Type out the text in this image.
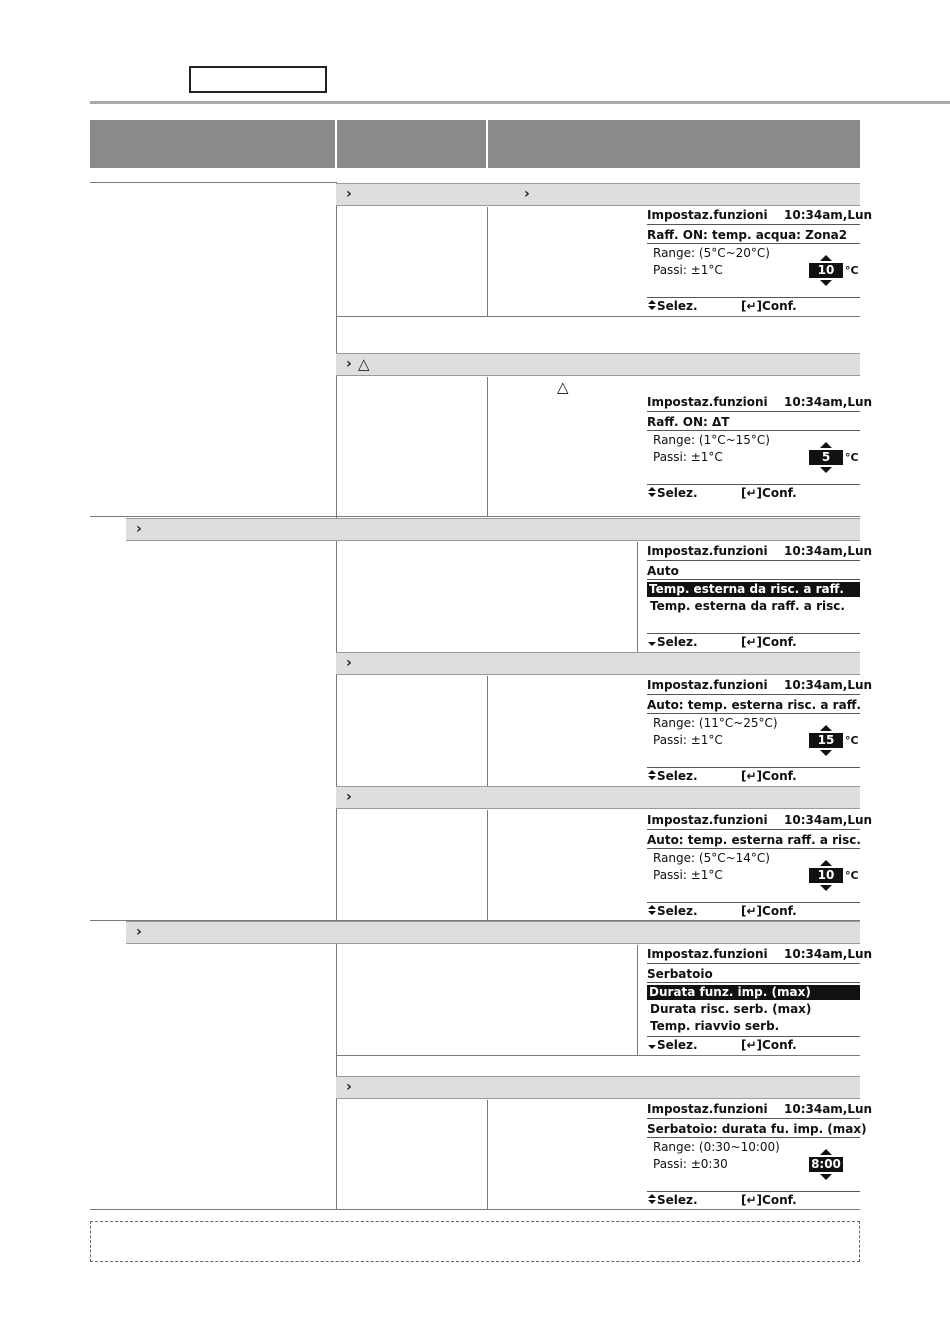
›	›
› △
△
›
›
›
›
›
Impostaz.funzioni 10:34am,Lun
Raff. ON: temp. acqua: Zona2
Range: (5°C~20°C)
Passi: ±1°C	10 °C
Selez.	[↵]Conf.
Impostaz.funzioni 10:34am,Lun
Raff. ON: ΔT
Range: (1°C~15°C)
Passi: ±1°C	5	°C
Selez.	[↵]Conf.
Impostaz.funzioni 10:34am,Lun
Auto
Temp. esterna da risc. a raff.
Temp. esterna da raff. a risc.
Selez.	[↵]Conf.
Impostaz.funzioni 10:34am,Lun
Auto: temp. esterna risc. a raff.
Range: (11°C~25°C)
Passi: ±1°C	15 °C
Selez.	[↵]Conf.
Impostaz.funzioni 10:34am,Lun
Auto: temp. esterna raff. a risc.
Range: (5°C~14°C)
Passi: ±1°C	10 °C
Selez.	[↵]Conf.
Impostaz.funzioni 10:34am,Lun
Serbatoio
Durata funz. imp. (max)
Durata risc. serb. (max)
Temp. riavvio serb.
Selez.	[↵]Conf.
Impostaz.funzioni 10:34am,Lun
Serbatoio: durata fu. imp. (max)
Range: (0:30~10:00)
Passi: ±0:30	8:00
Selez.	[↵]Conf.
